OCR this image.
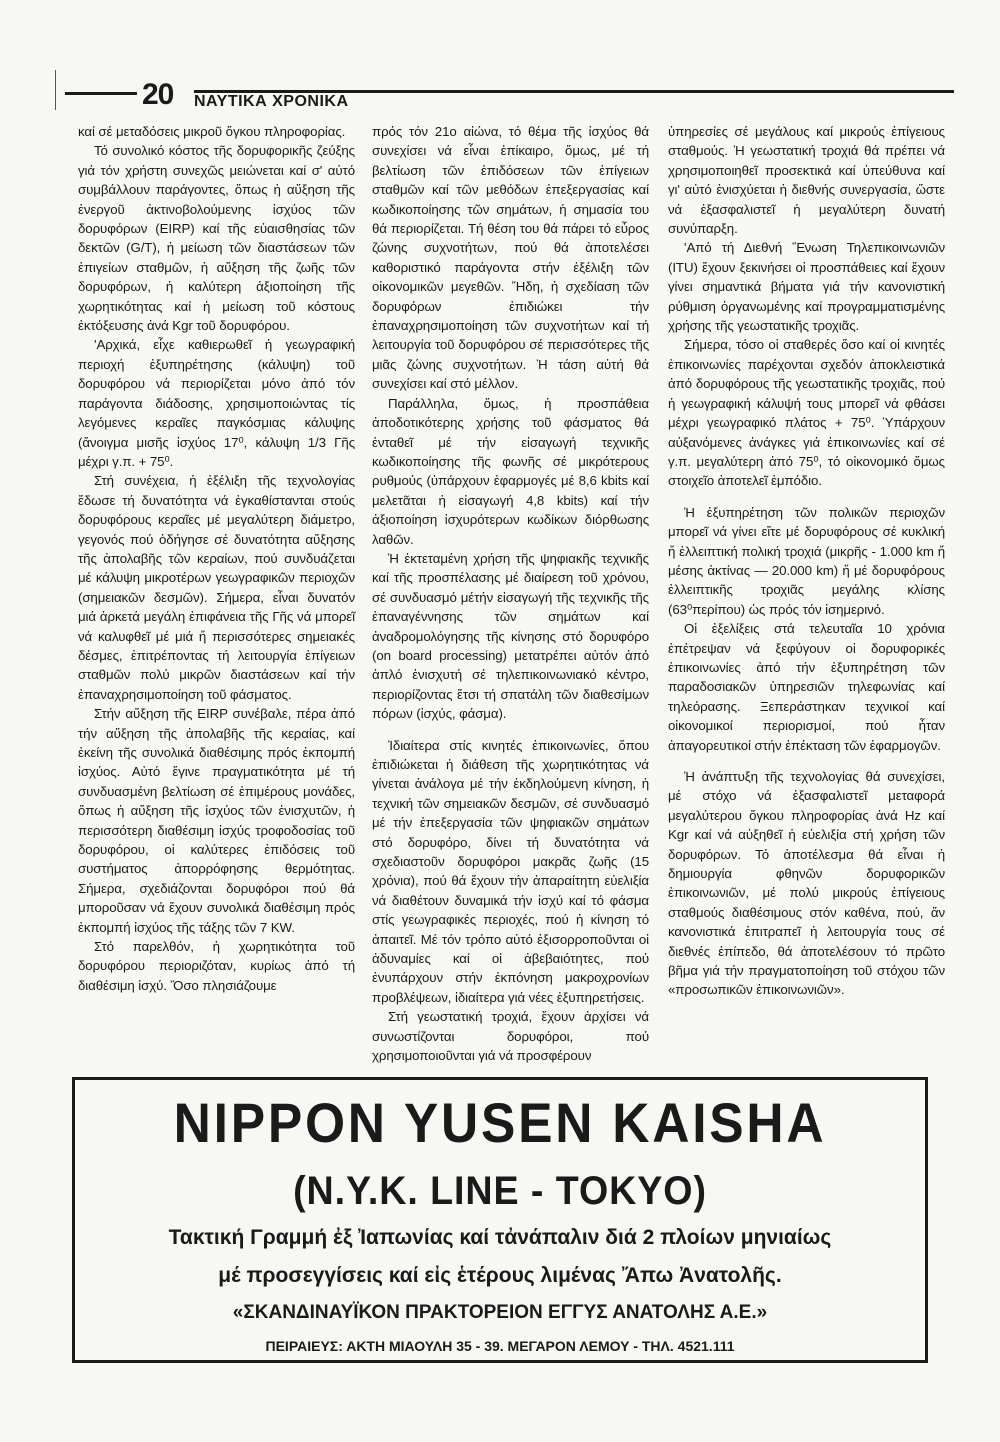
20 ΝΑΥΤΙΚΑ ΧΡΟΝΙΚΑ

καί σέ μεταδόσεις μικροῦ ὄγκου πληροφορίας.

Τό συνολικό κόστος τῆς δορυφορικῆς ζεύξης γιά τόν χρήστη συνεχῶς μειώνεται καί σ' αὐτό συμβάλλουν παράγοντες, ὅπως ἡ αὔξηση τῆς ἐνεργοῦ ἀκτινοβολούμενης ἰσχύος τῶν δορυφόρων (EIRP) καί τῆς εὐαισθησίας τῶν δεκτῶν (G/T), ἡ μείωση τῶν διαστάσεων τῶν ἐπιγείων σταθμῶν, ἡ αὔξηση τῆς ζωῆς τῶν δορυφόρων, ἡ καλύτερη ἀξιοποίηση τῆς χωρητικότητας καί ἡ μείωση τοῦ κόστους ἐκτόξευσης ἀνά Kgr τοῦ δορυφόρου.

'Αρχικά, εἶχε καθιερωθεῖ ἡ γεωγραφική περιοχή ἐξυπηρέτησης (κάλυψη) τοῦ δορυφόρου νά περιορίζεται μόνο ἀπό τόν παράγοντα διάδοσης, χρησιμοποιώντας τίς λεγόμενες κεραῖες παγκόσμιας κάλυψης (ἄνοιγμα μισῆς ἰσχύος 17⁰, κάλυψη 1/3 Γῆς μέχρι γ.π. + 75⁰.

Στή συνέχεια, ἡ ἐξέλιξη τῆς τεχνολογίας ἔδωσε τή δυνατότητα νά ἐγκαθίστανται στούς δορυφόρους κεραῖες μέ μεγαλύτερη διάμετρο, γεγονός πού ὁδήγησε σέ δυνατότητα αὔξησης τῆς ἀπολαβῆς τῶν κεραίων, πού συνδυάζεται μέ κάλυψη μικροτέρων γεωγραφικῶν περιοχῶν (σημειακῶν δεσμῶν). Σήμερα, εἶναι δυνατόν μιά ἀρκετά μεγάλη ἐπιφάνεια τῆς Γῆς νά μπορεῖ νά καλυφθεῖ μέ μιά ἤ περισσότερες σημειακές δέσμες, ἐπιτρέποντας τή λειτουργία ἐπίγειων σταθμῶν πολύ μικρῶν διαστάσεων καί τήν ἐπαναχρησιμοποίηση τοῦ φάσματος.

Στήν αὔξηση τῆς EIRP συνέβαλε, πέρα ἀπό τήν αὔξηση τῆς ἀπολαβῆς τῆς κεραίας, καί ἐκείνη τῆς συνολικά διαθέσιμης πρός ἐκπομπή ἰσχύος. Αὐτό ἔγινε πραγματικότητα μέ τή συνδυασμένη βελτίωση σέ ἐπιμέρους μονάδες, ὅπως ἡ αὔξηση τῆς ἰσχύος τῶν ἐνισχυτῶν, ἡ περισσότερη διαθέσιμη ἰσχύς τροφοδοσίας τοῦ δορυφόρου, οἱ καλύτερες ἐπιδόσεις τοῦ συστήματος ἀπορρόφησης θερμότητας. Σήμερα, σχεδιάζονται δορυφόροι πού θά μποροῦσαν νά ἔχουν συνολικά διαθέσιμη πρός ἐκπομπή ἰσχύος τῆς τάξης τῶν 7 KW.

Στό παρελθόν, ἡ χωρητικότητα τοῦ δορυφόρου περιοριζόταν, κυρίως ἀπό τή διαθέσιμη ἰσχύ. Ὅσο πλησιάζουμε

πρός τόν 21ο αἰώνα, τό θέμα τῆς ἰσχύος θά συνεχίσει νά εἶναι ἐπίκαιρο, ὅμως, μέ τή βελτίωση τῶν ἐπιδόσεων τῶν ἐπίγειων σταθμῶν καί τῶν μεθόδων ἐπεξεργασίας καί κωδικοποίησης τῶν σημάτων, ἡ σημασία του θά περιορίζεται. Τή θέση του θά πάρει τό εὖρος ζώνης συχνοτήτων, πού θά ἀποτελέσει καθοριστικό παράγοντα στήν ἐξέλιξη τῶν οἰκονομικῶν μεγεθῶν. Ἤδη, ἡ σχεδίαση τῶν δορυφόρων ἐπιδιώκει τήν ἐπαναχρησιμοποίηση τῶν συχνοτήτων καί τή λειτουργία τοῦ δορυφόρου σέ περισσότερες τῆς μιᾶς ζώνης συχνοτήτων. Ἡ τάση αὐτή θά συνεχίσει καί στό μέλλον.

Παράλληλα, ὅμως, ἡ προσπάθεια ἀποδοτικότερης χρήσης τοῦ φάσματος θά ἐνταθεῖ μέ τήν εἰσαγωγή τεχνικῆς κωδικοποίησης τῆς φωνῆς σέ μικρότερους ρυθμούς (ὑπάρχουν ἐφαρμογές μέ 8,6 kbits καί μελετᾶται ἡ εἰσαγωγή 4,8 kbits) καί τήν ἀξιοποίηση ἰσχυρότερων κωδίκων διόρθωσης λαθῶν.

Ἡ ἐκτεταμένη χρήση τῆς ψηφιακῆς τεχνικῆς καί τῆς προσπέλασης μέ διαίρεση τοῦ χρόνου, σέ συνδυασμό μέτήν εἰσαγωγή τῆς τεχνικῆς τῆς ἐπαναγέννησης τῶν σημάτων καί ἀναδρομολόγησης τῆς κίνησης στό δορυφόρο (on board processing) μετατρέπει αὐτόν ἀπό ἁπλό ἐνισχυτή σέ τηλεπικοινωνιακό κέντρο, περιορίζοντας ἔτσι τή σπατάλη τῶν διαθεσίμων πόρων (ἰσχύς, φάσμα).

Ἰδιαίτερα στίς κινητές ἐπικοινωνίες, ὅπου ἐπιδιώκεται ἡ διάθεση τῆς χωρητικότητας νά γίνεται ἀνάλογα μέ τήν ἐκδηλούμενη κίνηση, ἡ τεχνική τῶν σημειακῶν δεσμῶν, σέ συνδυασμό μέ τήν ἐπεξεργασία τῶν ψηφιακῶν σημάτων στό δορυφόρο, δίνει τή δυνατότητα νά σχεδιαστοῦν δορυφόροι μακρᾶς ζωῆς (15 χρόνια), πού θά ἔχουν τήν ἀπαραίτητη εὐελιξία νά διαθέτουν δυναμικά τήν ἰσχύ καί τό φάσμα στίς γεωγραφικές περιοχές, πού ἡ κίνηση τό ἀπαιτεῖ. Μέ τόν τρόπο αὐτό ἐξισορροποῦνται οἱ ἀδυναμίες καί οἱ ἀβεβαιότητες, πού ἐνυπάρχουν στήν ἐκπόνηση μακροχρονίων προβλέψεων, ἰδιαίτερα γιά νέες ἐξυπηρετήσεις.

Στή γεωστατική τροχιά, ἔχουν ἀρχίσει νά συνωστίζονται δορυφόροι, πού χρησιμοποιοῦνται γιά νά προσφέρουν

ὑπηρεσίες σέ μεγάλους καί μικρούς ἐπίγειους σταθμούς. Ἡ γεωστατική τροχιά θά πρέπει νά χρησιμοποιηθεῖ προσεκτικά καί ὑπεύθυνα καί γι' αὐτό ἐνισχύεται ἡ διεθνής συνεργασία, ὥστε νά ἐξασφαλιστεῖ ἡ μεγαλύτερη δυνατή συνύπαρξη.

'Από τή Διεθνή Ἕνωση Τηλεπικοινωνιῶν (ITU) ἔχουν ξεκινήσει οἱ προσπάθειες καί ἔχουν γίνει σημαντικά βήματα γιά τήν κανονιστική ρύθμιση ὀργανωμένης καί προγραμματισμένης χρήσης τῆς γεωστατικῆς τροχιᾶς.

Σήμερα, τόσο οἱ σταθερές ὅσο καί οἱ κινητές ἐπικοινωνίες παρέχονται σχεδόν ἀποκλειστικά ἀπό δορυφόρους τῆς γεωστατικῆς τροχιᾶς, πού ἡ γεωγραφική κάλυψή τους μπορεῖ νά φθάσει μέχρι γεωγραφικό πλάτος + 75⁰. Ὑπάρχουν αὐξανόμενες ἀνάγκες γιά ἐπικοινωνίες καί σέ γ.π. μεγαλύτερη ἀπό 75⁰, τό οἰκονομικό ὅμως στοιχεῖο ἀποτελεῖ ἐμπόδιο.

Ἡ ἐξυπηρέτηση τῶν πολικῶν περιοχῶν μπορεῖ νά γίνει εἴτε μέ δορυφόρους σέ κυκλική ἤ ἐλλειπτική πολική τροχιά (μικρῆς - 1.000 km ἤ μέσης ἀκτίνας — 20.000 km) ἤ μέ δορυφόρους ἐλλειπτικῆς τροχιᾶς μεγάλης κλίσης (63⁰περίπου) ὡς πρός τόν ἰσημερινό.

Οἱ ἐξελίξεις στά τελευταῖα 10 χρόνια ἐπέτρεψαν νά ξεφύγουν οἱ δορυφορικές ἐπικοινωνίες ἀπό τήν ἐξυπηρέτηση τῶν παραδοσιακῶν ὑπηρεσιῶν τηλεφωνίας καί τηλεόρασης. Ξεπεράστηκαν τεχνικοί καί οἰκονομικοί περιορισμοί, πού ἦταν ἀπαγορευτικοί στήν ἐπέκταση τῶν ἐφαρμογῶν.

Ἡ ἀνάπτυξη τῆς τεχνολογίας θά συνεχίσει, μέ στόχο νά ἐξασφαλιστεῖ μεταφορά μεγαλύτερου ὄγκου πληροφορίας ἀνά Hz καί Kgr καί νά αὐξηθεῖ ἡ εὐελιξία στή χρήση τῶν δορυφόρων. Τό ἀποτέλεσμα θά εἶναι ἡ δημιουργία φθηνῶν δορυφορικῶν ἐπικοινωνιῶν, μέ πολύ μικρούς ἐπίγειους σταθμούς διαθέσιμους στόν καθένα, πού, ἄν κανονιστικά ἐπιτραπεῖ ἡ λειτουργία τους σέ διεθνές ἐπίπεδο, θά ἀποτελέσουν τό πρῶτο βῆμα γιά τήν πραγματοποίηση τοῦ στόχου τῶν «προσωπικῶν ἐπικοινωνιῶν».

NIPPON YUSEN KAISHA
(N.Y.K. LINE - TOKYO)
Τακτική Γραμμή ἐξ Ἰαπωνίας καί τἀνάπαλιν διά 2 πλοίων μηνιαίως
μέ προσεγγίσεις καί εἰς ἑτέρους λιμένας Ἄπω Ἀνατολῆς.
«ΣΚΑΝΔΙΝΑΥΪΚΟΝ ΠΡΑΚΤΟΡΕΙΟΝ ΕΓΓΥΣ ΑΝΑΤΟΛΗΣ Α.Ε.»
ΠΕΙΡΑΙΕΥΣ: ΑΚΤΗ ΜΙΑΟΥΛΗ 35 - 39. ΜΕΓΑΡΟΝ ΛΕΜΟΥ - ΤΗΛ. 4521.111
